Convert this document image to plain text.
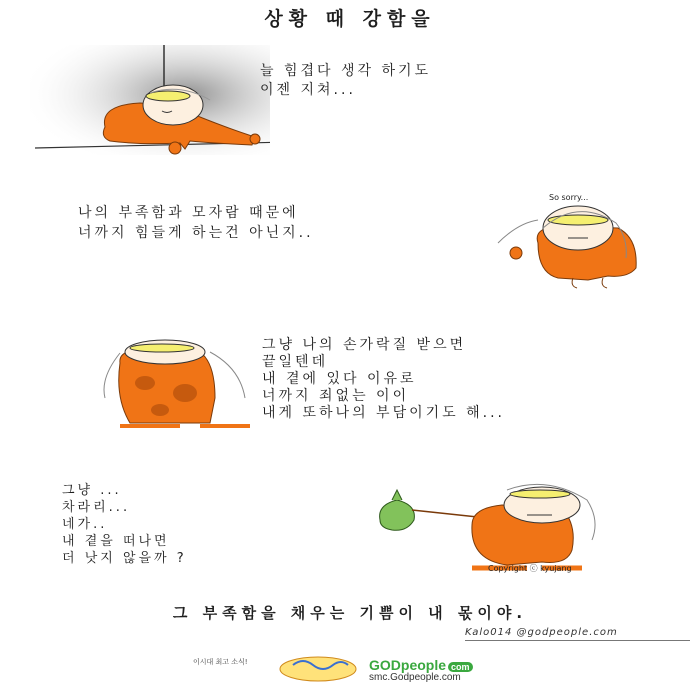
상황 때 강함을
늘 힘겹다 생각 하기도
이젠 지쳐...
나의 부족함과 모자람 때문에
너까지 힘들게 하는건 아닌지..
So sorry...
그냥 나의 손가락질 받으면
끝일텐데
내 곁에 있다 이유로
너까지 죄없는 이이
내게 또하나의 부담이기도 해...
그냥 ...
차라리...
네가..
내 곁을 떠나면
더 낫지 않을까 ?
Copyright ⓒ kyujang
그 부족함을 채우는 기쁨이 내 몫이야.
Kalo014 @godpeople.com
이시대 최고 소식!	GODpeople com
smc.Godpeople.com
